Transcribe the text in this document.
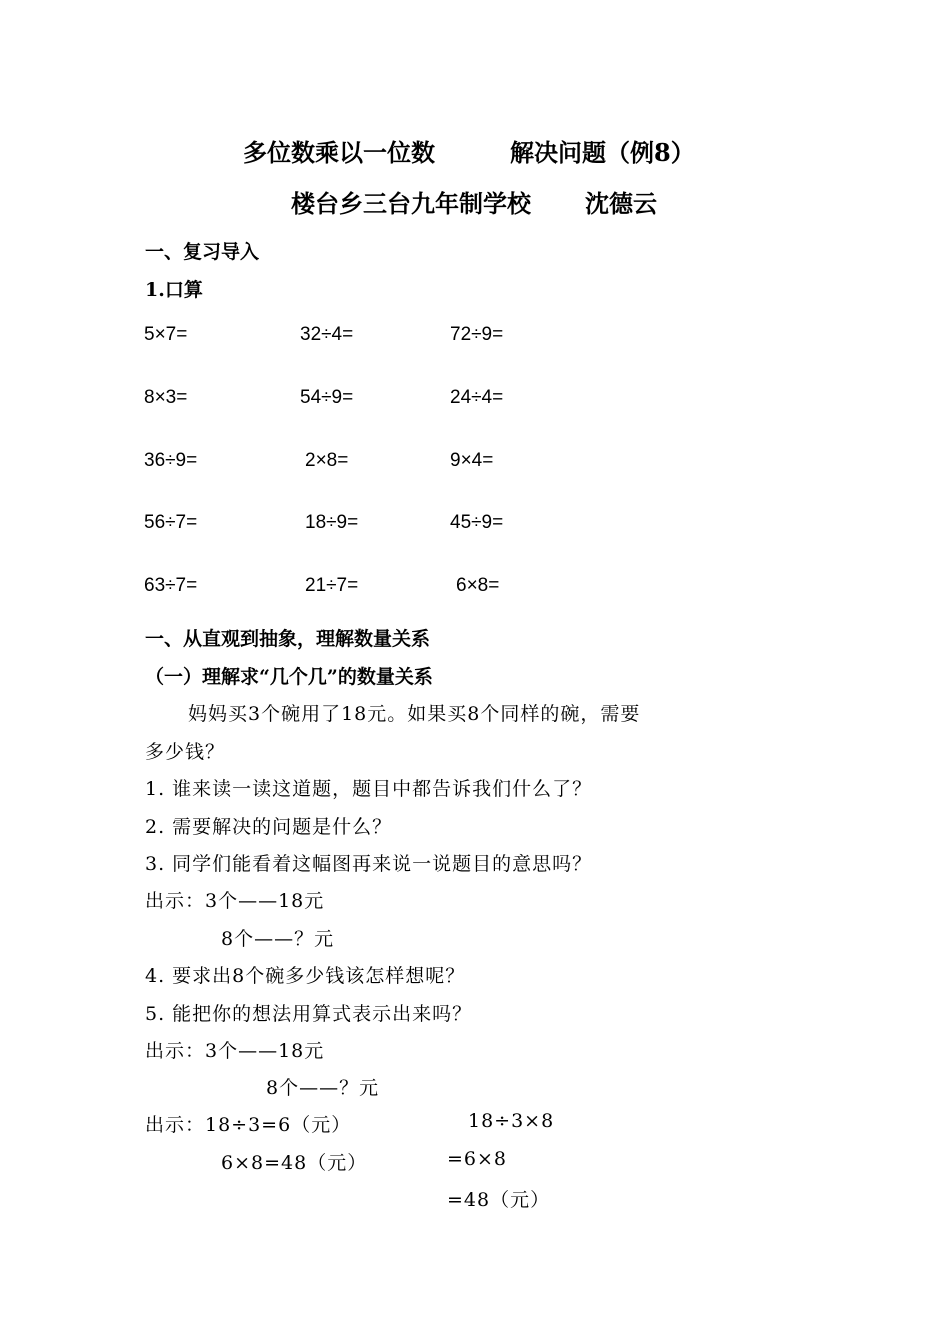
多位数乘以一位数	解决问题（例8）
楼台乡三台九年制学校 沈德云
一、复习导入
1.口算
5×7=	32÷4=	72÷9=
8×3=	54÷9=	24÷4=
36÷9=	2×8=	9×4=
56÷7=	18÷9=	45÷9=
63÷7=	21÷7=	6×8=
一、从直观到抽象，理解数量关系
（一）理解求“几个几”的数量关系
妈妈买3个碗用了18元。如果买8个同样的碗，需要
多少钱？
1. 谁来读一读这道题，题目中都告诉我们什么了？
2. 需要解决的问题是什么？
3. 同学们能看着这幅图再来说一说题目的意思吗？
出示：3个——18元
8个——？元
4. 要求出8个碗多少钱该怎样想呢？
5. 能把你的想法用算式表示出来吗？
出示：3个——18元
8个——？元
出示：18÷3=6（元）
6×8=48（元）
18÷3×8
=6×8
=48（元）
